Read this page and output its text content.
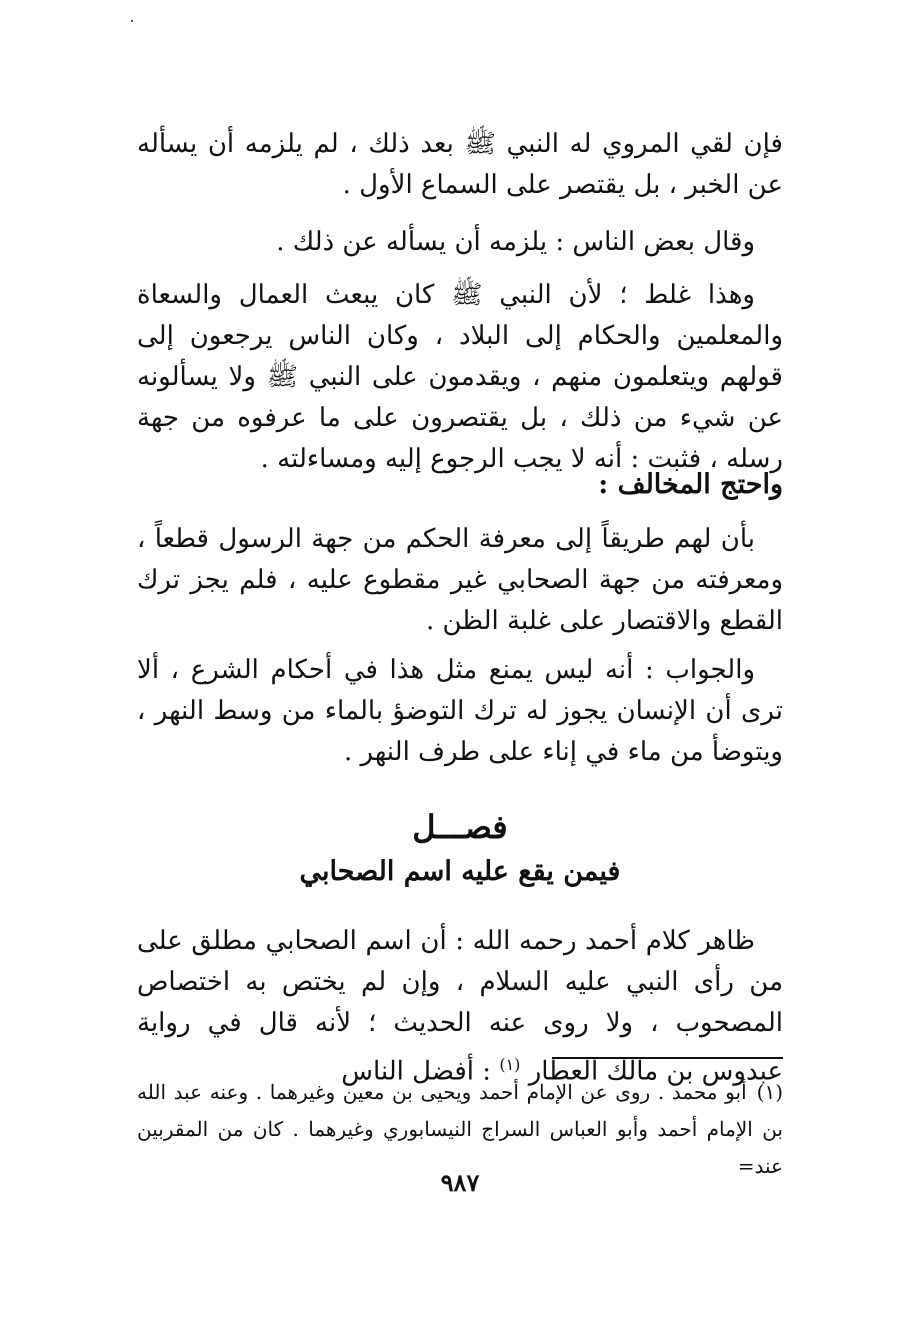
فإن لقي المروي له النبي ﷺ بعد ذلك ، لم يلزمه أن يسأله عن الخبر ، بل يقتصر على السماع الأول .

وقال بعض الناس : يلزمه أن يسأله عن ذلك .

وهذا غلط ؛ لأن النبي ﷺ كان يبعث العمال والسعاة والمعلمين والحكام إلى البلاد ، وكان الناس يرجعون إلى قولهم ويتعلمون منهم ، ويقدمون على النبي ﷺ ولا يسألونه عن شيء من ذلك ، بل يقتصرون على ما عرفوه من جهة رسله ، فثبت : أنه لا يجب الرجوع إليه ومساءلته .

واحتج المخالف :

بأن لهم طريقاً إلى معرفة الحكم من جهة الرسول قطعاً ، ومعرفته من جهة الصحابي غير مقطوع عليه ، فلم يجز ترك القطع والاقتصار على غلبة الظن .

والجواب : أنه ليس يمنع مثل هذا في أحكام الشرع ، ألا ترى أن الإنسان يجوز له ترك التوضؤ بالماء من وسط النهر ، ويتوضأ من ماء في إناء على طرف النهر .

فصـــل
فيمن يقع عليه اسم الصحابي

ظاهر كلام أحمد رحمه الله : أن اسم الصحابي مطلق على من رأى النبي عليه السلام ، وإن لم يختص به اختصاص المصحوب ، ولا روى عنه الحديث ؛ لأنه قال في رواية عبدوس بن مالك العطار $^{(١)}$ : أفضل الناس

(١)أبو محمد . روى عن الإمام أحمد ويحيى بن معين وغيرهما . وعنه عبد الله بن الإمام أحمد وأبو العباس السراج النيسابوري وغيرهما . كان من المقربين عند=

٩٨٧
